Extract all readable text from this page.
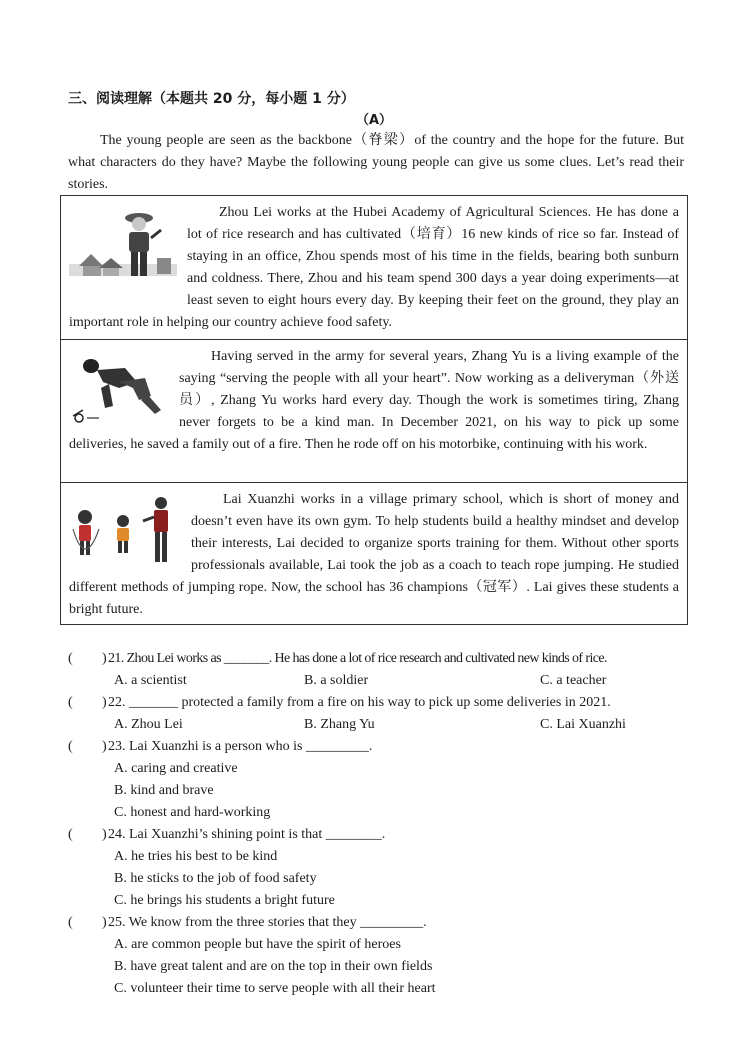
三、阅读理解（本题共 20 分，每小题 1 分）
（A）

The young people are seen as the backbone（脊梁）of the country and the hope for the future. But what characters do they have? Maybe the following young people can give us some clues. Let’s read their stories.

Zhou Lei works at the Hubei Academy of Agricultural Sciences. He has done a lot of rice research and has cultivated（培育）16 new kinds of rice so far. Instead of staying in an office, Zhou spends most of his time in the fields, bearing both sunburn and coldness. There, Zhou and his team spend 300 days a year doing experiments—at least seven to eight hours every day. By keeping their feet on the ground, they play an important role in helping our country achieve food safety.

Having served in the army for several years, Zhang Yu is a living example of the saying “serving the people with all your heart”. Now working as a deliveryman（外送员）, Zhang Yu works hard every day. Though the work is sometimes tiring, Zhang never forgets to be a kind man. In December 2021, on his way to pick up some deliveries, he saved a family out of a fire. Then he rode off on his motorbike, continuing with his work.

Lai Xuanzhi works in a village primary school, which is short of money and doesn’t even have its own gym. To help students build a healthy mindset and develop their interests, Lai decided to organize sports training for them. Without other sports professionals available, Lai took the job as a coach to teach rope jumping. He studied different methods of jumping rope. Now, the school has 36 champions（冠军）. Lai gives these students a bright future.

( ) 21. Zhou Lei works as _______. He has done a lot of rice research and cultivated new kinds of rice.
A. a scientist	B. a soldier	C. a teacher
( ) 22. _______ protected a family from a fire on his way to pick up some deliveries in 2021.
A. Zhou Lei	B. Zhang Yu	C. Lai Xuanzhi
( ) 23. Lai Xuanzhi is a person who is _________.
A. caring and creative
B. kind and brave
C. honest and hard-working
( ) 24. Lai Xuanzhi’s shining point is that ________.
A. he tries his best to be kind
B. he sticks to the job of food safety
C. he brings his students a bright future
( ) 25. We know from the three stories that they _________.
A. are common people but have the spirit of heroes
B. have great talent and are on the top in their own fields
C. volunteer their time to serve people with all their heart
